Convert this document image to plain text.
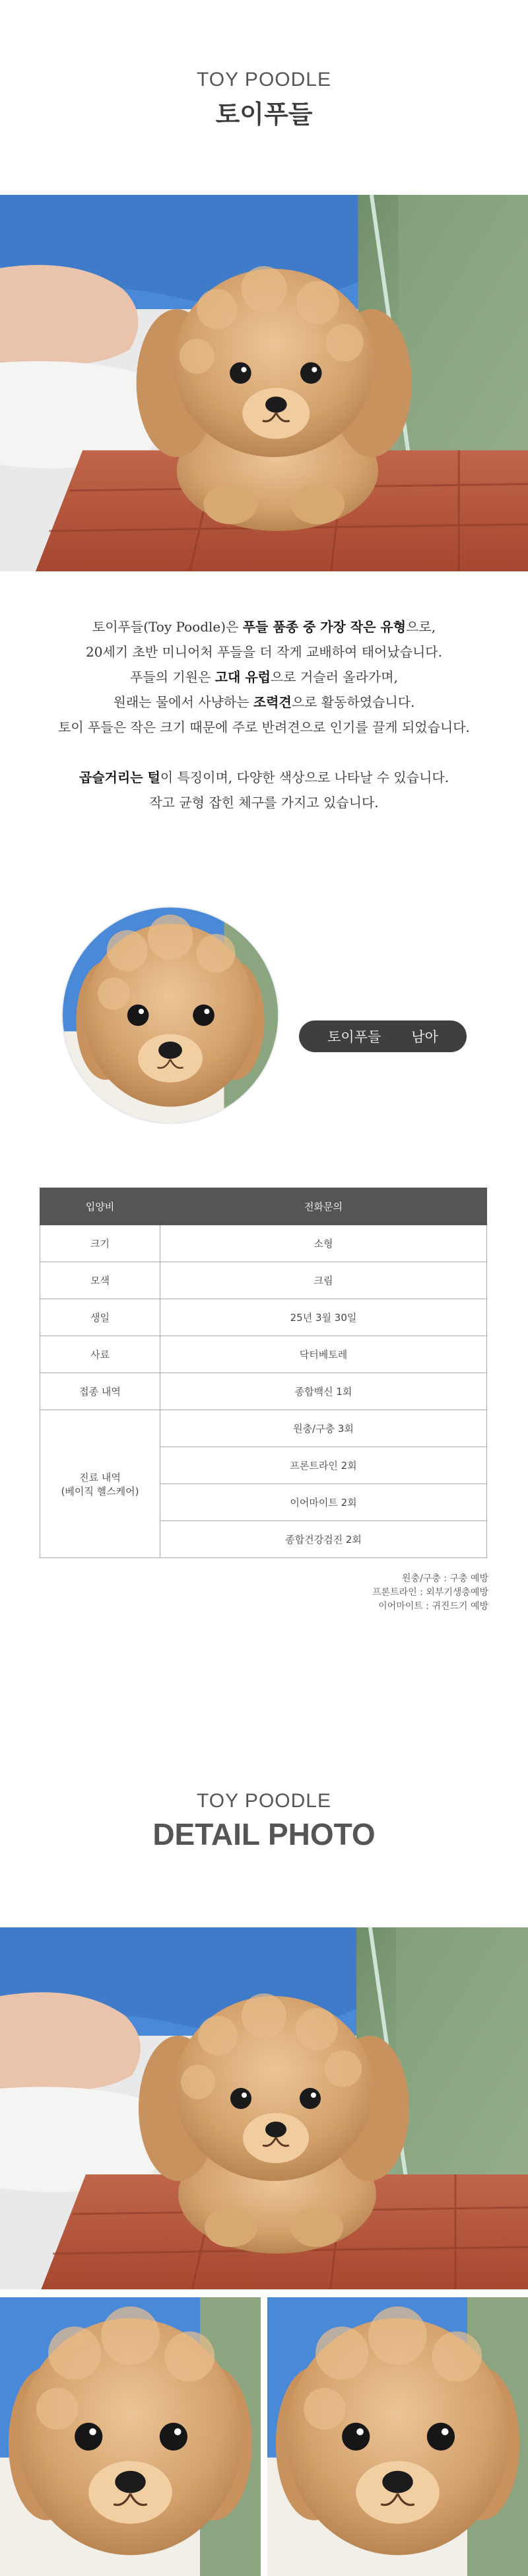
TOY POODLE
토이푸들

토이푸들(Toy Poodle)은 푸들 품종 중 가장 작은 유형으로,

20세기 초반 미니어처 푸들을 더 작게 교배하여 태어났습니다.

푸들의 기원은 고대 유럽으로 거슬러 올라가며,

원래는 물에서 사냥하는 조력견으로 활동하였습니다.

토이 푸들은 작은 크기 때문에 주로 반려견으로 인기를 끌게 되었습니다.

곱슬거리는 털이 특징이며, 다양한 색상으로 나타날 수 있습니다.

작고 균형 잡힌 체구를 가지고 있습니다.

토이푸들 남아
입양비	전화문의
크기	소형
모색	크림
생일	25년 3월 30일
사료	닥터베토레
접종 내역	종합백신 1회

진료 내역
(베이직 헬스케어)	원충/구충 3회
	프론트라인 2회
	이어마이트 2회
	종합건강검진 2회
원충/구충 : 구충 예방
프론트라인 : 외부기생충예방
이어마이트 : 귀진드기 예방
TOY POODLE
DETAIL PHOTO
